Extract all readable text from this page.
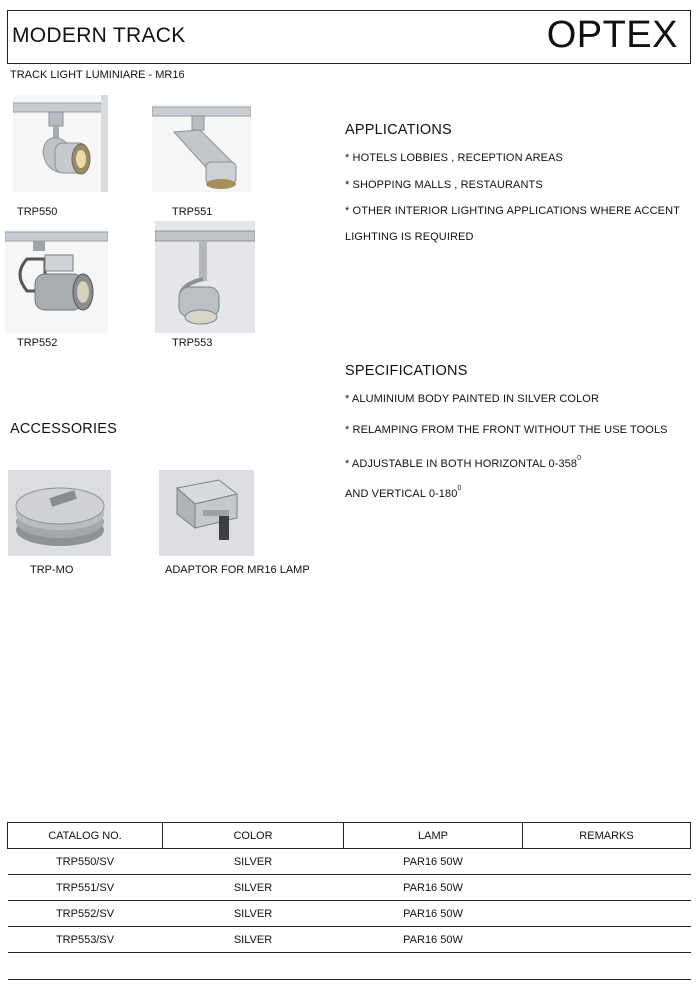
MODERN TRACK	OPTEX
TRACK LIGHT LUMINIARE - MR16
TRP550	TRP551
TRP552	TRP553
APPLICATIONS
* HOTELS LOBBIES , RECEPTION AREAS
* SHOPPING MALLS , RESTAURANTS
* OTHER INTERIOR LIGHTING APPLICATIONS WHERE ACCENT
LIGHTING IS REQUIRED
SPECIFICATIONS
* ALUMINIUM BODY PAINTED IN SILVER COLOR
* RELAMPING FROM THE FRONT WITHOUT THE USE TOOLS
* ADJUSTABLE IN BOTH HORIZONTAL $0-358^0$
AND VERTICAL $0-180^0$
ACCESSORIES
TRP-MO	ADAPTOR FOR MR16 LAMP
CATALOG NO.	COLOR	LAMP	REMARKS
TRP550/SV	SILVER	PAR16 50W	
TRP551/SV	SILVER	PAR16 50W	
TRP552/SV	SILVER	PAR16 50W	
TRP553/SV	SILVER	PAR16 50W	
